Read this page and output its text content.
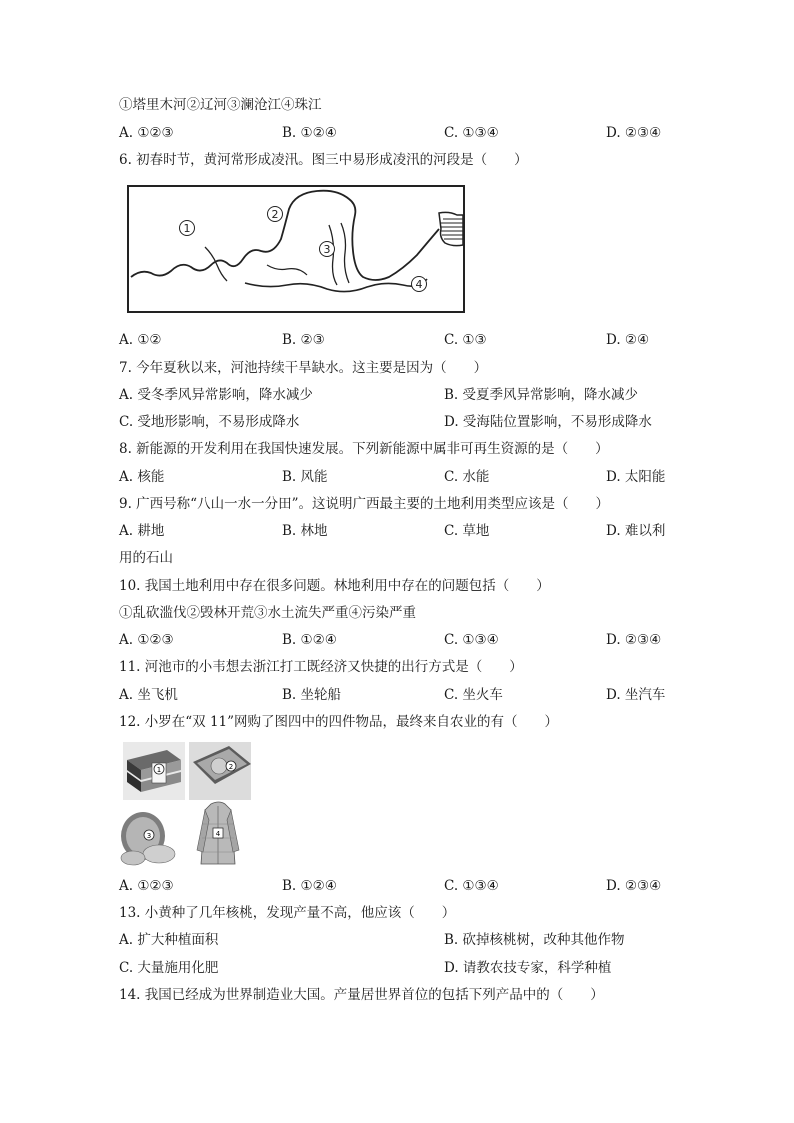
①塔里木河②辽河③澜沧江④珠江
A. ①②③	B. ①②④	C. ①③④	D. ②③④
6. 初春时节，黄河常形成凌汛。图三中易形成凌汛的河段是（　　）
1
2
3
4
A. ①②	B. ②③	C. ①③	D. ②④
7. 今年夏秋以来，河池持续干旱缺水。这主要是因为（　　）
A. 受冬季风异常影响，降水减少	B. 受夏季风异常影响，降水减少
C. 受地形影响，不易形成降水	D. 受海陆位置影响，不易形成降水
8. 新能源的开发利用在我国快速发展。下列新能源中属非可再生资源的是（　　）
A. 核能	B. 风能	C. 水能	D. 太阳能
9. 广西号称“八山一水一分田”。这说明广西最主要的土地利用类型应该是（　　）
A. 耕地	B. 林地	C. 草地	D. 难以利
用的石山
10. 我国土地利用中存在很多问题。林地利用中存在的问题包括（　　）
①乱砍滥伐②毁林开荒③水土流失严重④污染严重
A. ①②③	B. ①②④	C. ①③④	D. ②③④
11. 河池市的小韦想去浙江打工既经济又快捷的出行方式是（　　）
A. 坐飞机	B. 坐轮船	C. 坐火车	D. 坐汽车
12. 小罗在“双 11”网购了图四中的四件物品，最终来自农业的有（　　）
1	2
3	4
A. ①②③	B. ①②④	C. ①③④	D. ②③④
13. 小黄种了几年核桃，发现产量不高，他应该（　　）
A. 扩大种植面积	B. 砍掉核桃树，改种其他作物
C. 大量施用化肥	D. 请教农技专家，科学种植
14. 我国已经成为世界制造业大国。产量居世界首位的包括下列产品中的（　　）
